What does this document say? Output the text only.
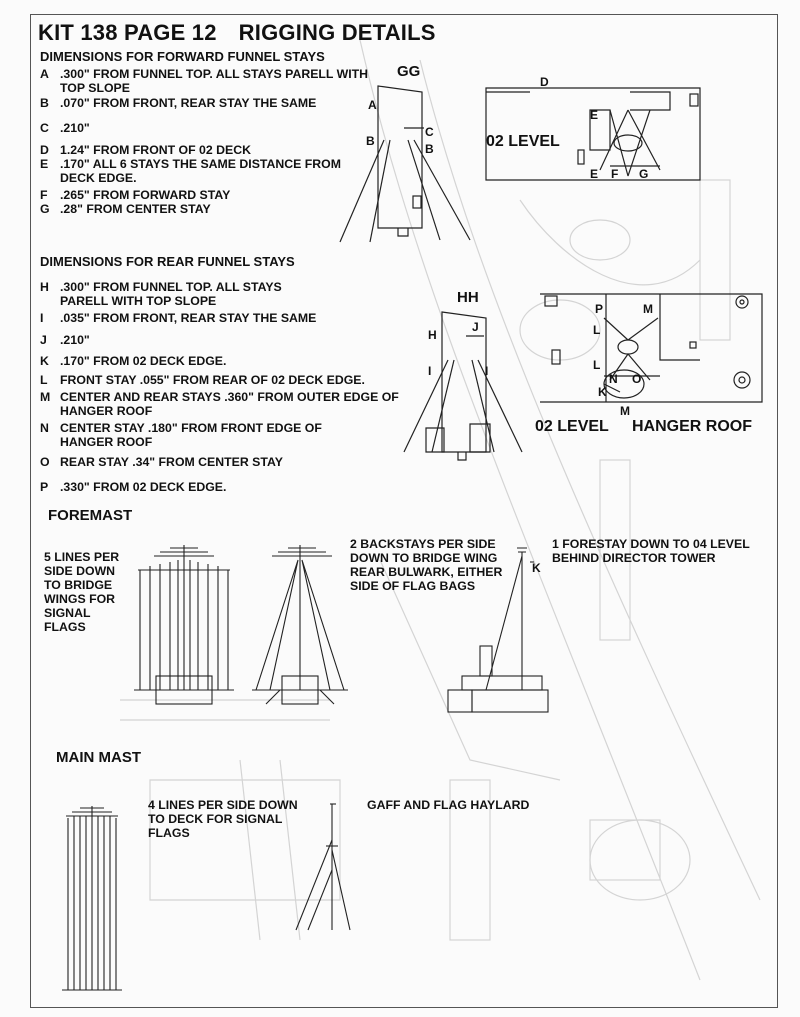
KIT 138 PAGE 12 RIGGING DETAILS
DIMENSIONS FOR FORWARD FUNNEL STAYS
A .300" FROM FUNNEL TOP. ALL STAYS PARELL WITH TOP SLOPE
B .070" FROM FRONT, REAR STAY THE SAME
C .210"
D 1.24" FROM FRONT OF 02 DECK
E .170" ALL 6 STAYS THE SAME DISTANCE FROM DECK EDGE.
F .265" FROM FORWARD STAY
G .28" FROM CENTER STAY
DIMENSIONS FOR REAR FUNNEL STAYS
H .300" FROM FUNNEL TOP. ALL STAYS PARELL WITH TOP SLOPE
I .035" FROM FRONT, REAR STAY THE SAME
J .210"
K .170" FROM 02 DECK EDGE.
L FRONT STAY .055" FROM REAR OF 02 DECK EDGE.
M CENTER AND REAR STAYS .360" FROM OUTER EDGE OF HANGER ROOF
N CENTER STAY .180" FROM FRONT EDGE OF HANGER ROOF
O REAR STAY .34" FROM CENTER STAY
P .330" FROM 02 DECK EDGE.
GG
A
B
C
B
D
02 LEVEL
E
E F G
HH
H
J
I	I
P	M
L
L
N O
K
M
02 LEVEL HANGER ROOF
FOREMAST
5 LINES PER SIDE DOWN TO BRIDGE WINGS FOR SIGNAL FLAGS
2 BACKSTAYS PER SIDE DOWN TO BRIDGE WING REAR BULWARK, EITHER SIDE OF FLAG BAGS
1 FORESTAY DOWN TO 04 LEVEL BEHIND DIRECTOR TOWER
K
MAIN MAST
4 LINES PER SIDE DOWN TO DECK FOR SIGNAL FLAGS
GAFF AND FLAG HAYLARD
